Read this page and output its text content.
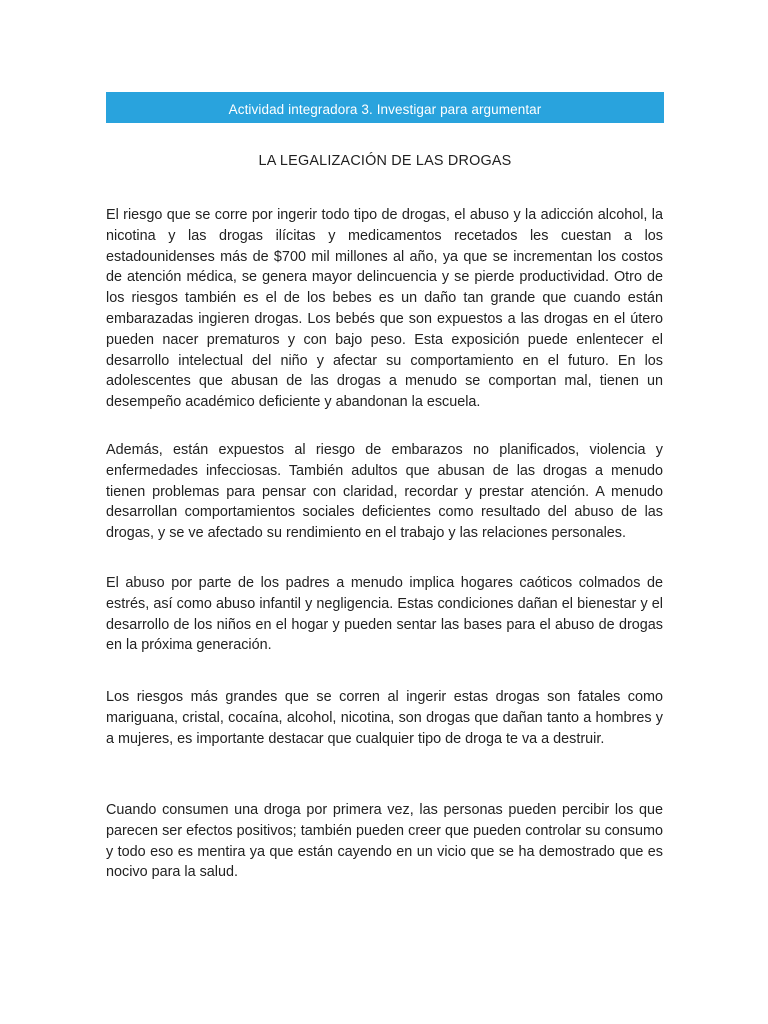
Actividad integradora 3. Investigar para argumentar
LA LEGALIZACIÓN DE LAS DROGAS

El riesgo que se corre por ingerir todo tipo de drogas, el abuso y la adicción alcohol, la nicotina y las drogas ilícitas y medicamentos recetados les cuestan a los estadounidenses más de $700 mil millones al año, ya que se incrementan los costos de atención médica, se genera mayor delincuencia y se pierde productividad. Otro de los riesgos también es el de los bebes es un daño tan grande que cuando están embarazadas ingieren drogas. Los bebés que son expuestos a las drogas en el útero pueden nacer prematuros y con bajo peso. Esta exposición puede enlentecer el desarrollo intelectual del niño y afectar su comportamiento en el futuro. En los adolescentes que abusan de las drogas a menudo se comportan mal, tienen un desempeño académico deficiente y abandonan la escuela.

Además, están expuestos al riesgo de embarazos no planificados, violencia y enfermedades infecciosas. También adultos que abusan de las drogas a menudo tienen problemas para pensar con claridad, recordar y prestar atención. A menudo desarrollan comportamientos sociales deficientes como resultado del abuso de las drogas, y se ve afectado su rendimiento en el trabajo y las relaciones personales.

El abuso por parte de los padres a menudo implica hogares caóticos colmados de estrés, así como abuso infantil y negligencia. Estas condiciones dañan el bienestar y el desarrollo de los niños en el hogar y pueden sentar las bases para el abuso de drogas en la próxima generación.

Los riesgos más grandes que se corren al ingerir estas drogas son fatales como mariguana, cristal, cocaína, alcohol, nicotina, son drogas que dañan tanto a hombres y a mujeres, es importante destacar que cualquier tipo de droga te va a destruir.

Cuando consumen una droga por primera vez, las personas pueden percibir los que parecen ser efectos positivos; también pueden creer que pueden controlar su consumo y todo eso es mentira ya que están cayendo en un vicio que se ha demostrado que es nocivo para la salud.
